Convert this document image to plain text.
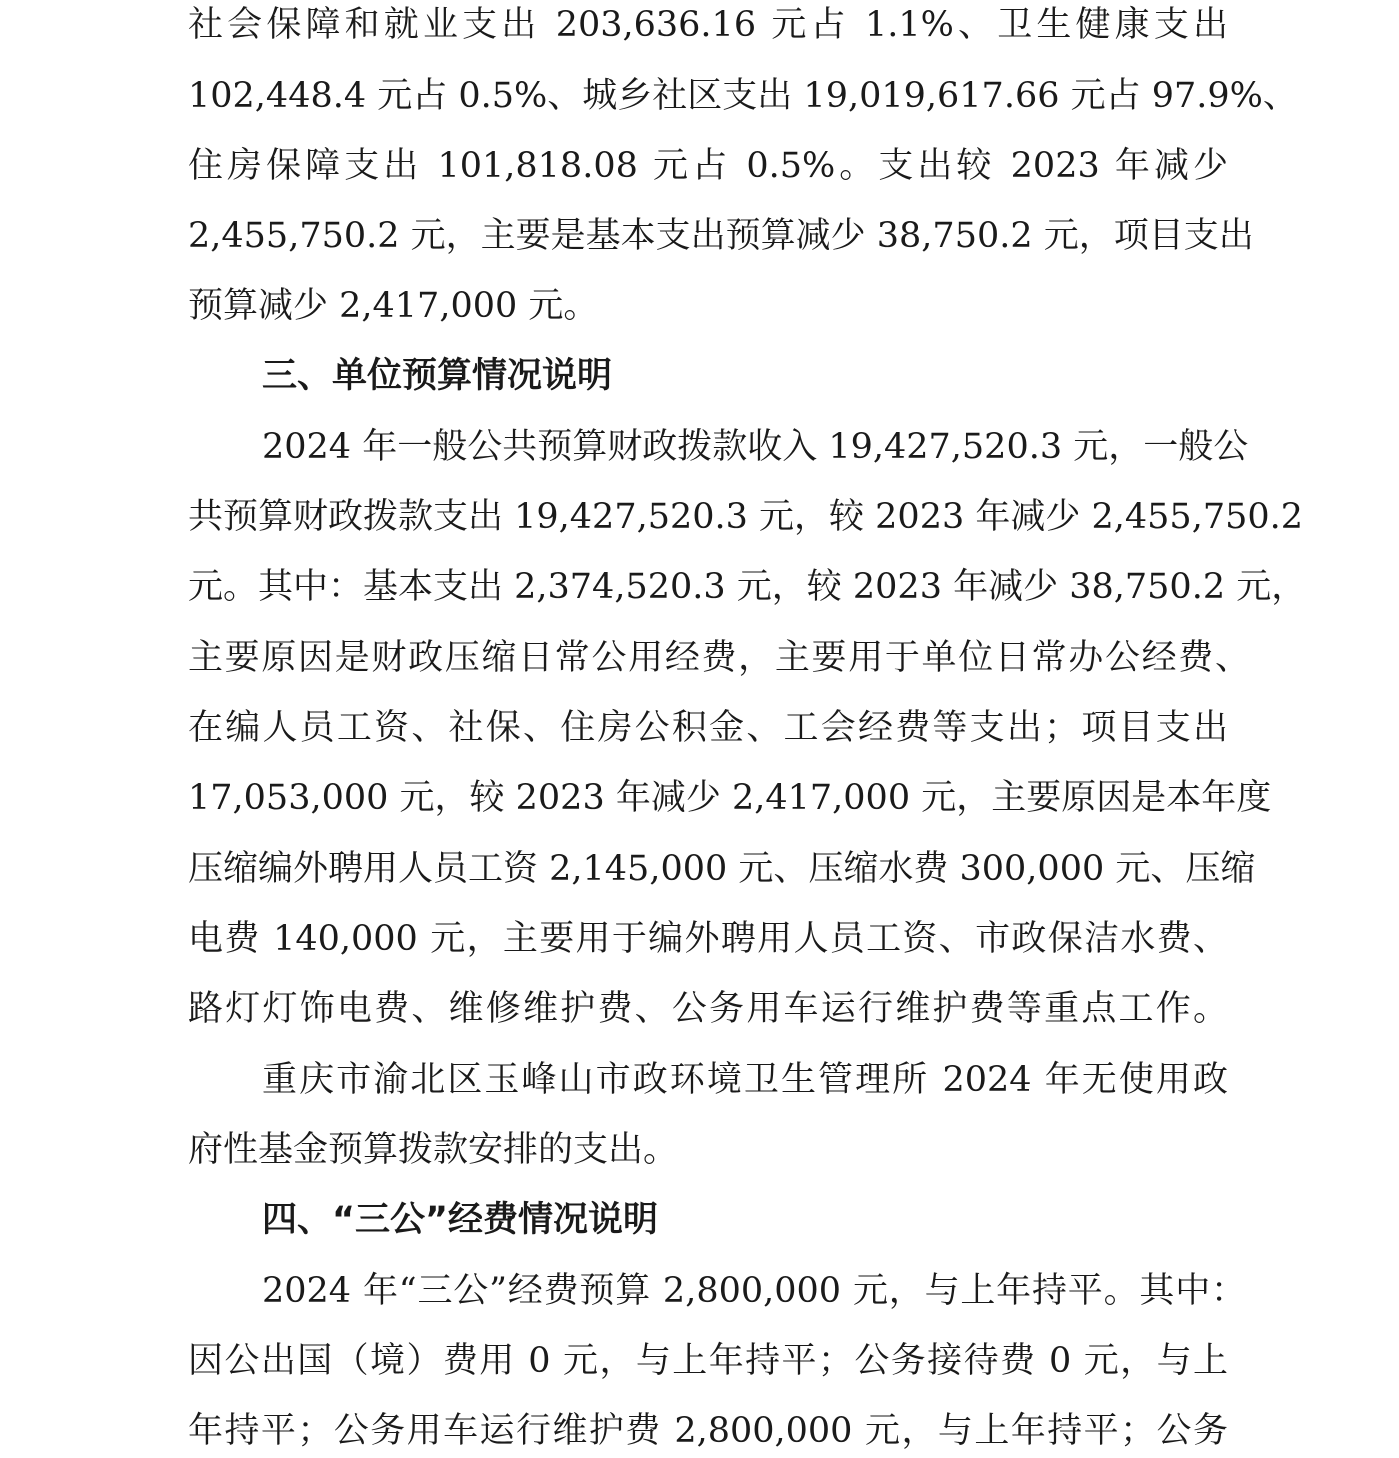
社会保障和就业支出 203,636.16 元占 1.1%、卫生健康支出
102,448.4 元占 0.5%、城乡社区支出 19,019,617.66 元占 97.9%、
住房保障支出 101,818.08 元占 0.5%。支出较 2023 年减少
2,455,750.2 元，主要是基本支出预算减少 38,750.2 元，项目支出
预算减少 2,417,000 元。
三、单位预算情况说明
2024 年一般公共预算财政拨款收入 19,427,520.3 元，一般公
共预算财政拨款支出 19,427,520.3 元，较 2023 年减少 2,455,750.2
元。其中：基本支出 2,374,520.3 元，较 2023 年减少 38,750.2 元，
主要原因是财政压缩日常公用经费，主要用于单位日常办公经费、
在编人员工资、社保、住房公积金、工会经费等支出；项目支出
17,053,000 元，较 2023 年减少 2,417,000 元，主要原因是本年度
压缩编外聘用人员工资 2,145,000 元、压缩水费 300,000 元、压缩
电费 140,000 元，主要用于编外聘用人员工资、市政保洁水费、
路灯灯饰电费、维修维护费、公务用车运行维护费等重点工作。
重庆市渝北区玉峰山市政环境卫生管理所 2024 年无使用政
府性基金预算拨款安排的支出。
四、“三公”经费情况说明
2024 年“三公”经费预算 2,800,000 元，与上年持平。其中：
因公出国（境）费用 0 元，与上年持平；公务接待费 0 元，与上
年持平；公务用车运行维护费 2,800,000 元，与上年持平；公务
